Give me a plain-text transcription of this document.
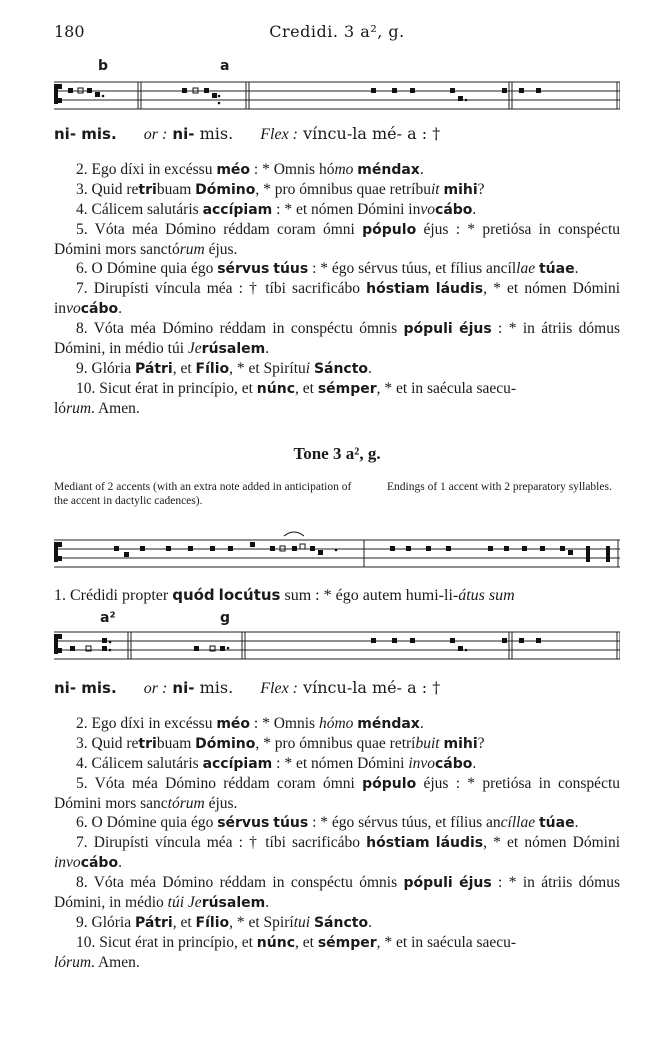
180	Credidi. 3 a², g.
b	a
ni- mis. or : ni- mis. Flex : víncu-la mé- a : †

2. Ego díxi in excéssu méo : * Omnis hómo méndax.

3. Quid retribuam Dómino, * pro ómnibus quae retríbuit mihi?

4. Cálicem salutáris accípiam : * et nómen Dómini invocábo.

5. Vóta méa Dómino réddam coram ómni pópulo éjus : * pretiósa in conspéctu Dómini mors sanctórum éjus.

6. O Dómine quia égo sérvus túus : * égo sérvus túus, et fílius ancíllae túae.

7. Dirupísti víncula méa : † tíbi sacrificábo hóstiam láudis, * et nómen Dómini invocábo.

8. Vóta méa Dómino réddam in conspéctu ómnis pópuli éjus : * in átriis dómus Dómini, in médio túi Jerúsalem.

9. Glória Pátri, et Fílio, * et Spirítui Sáncto.

10. Sicut érat in princípio, et núnc, et sémper, * et in saécula saecu-
lórum. Amen.

Tone 3 a², g.
Mediant of 2 accents (with an extra note added in anticipation of the accent in dactylic cadences).
Endings of 1 accent with 2 preparatory syllables.
1. Crédidi propter quód locútus sum : * égo autem humi-li-átus sum
a²	g
ni- mis. or : ni- mis. Flex : víncu-la mé- a : †

2. Ego díxi in excéssu méo : * Omnis hómo méndax.

3. Quid retribuam Dómino, * pro ómnibus quae retríbuit mihi?

4. Cálicem salutáris accípiam : * et nómen Dómini invocábo.

5. Vóta méa Dómino réddam coram ómni pópulo éjus : * pretiósa in conspéctu Dómini mors sanctórum éjus.

6. O Dómine quia égo sérvus túus : * égo sérvus túus, et fílius ancíllae túae.

7. Dirupísti víncula méa : † tíbi sacrificábo hóstiam láudis, * et nómen Dómini invocábo.

8. Vóta méa Dómino réddam in conspéctu ómnis pópuli éjus : * in átriis dómus Dómini, in médio túi Jerúsalem.

9. Glória Pátri, et Fílio, * et Spirítui Sáncto.

10. Sicut érat in princípio, et núnc, et sémper, * et in saécula saecu-
lórum. Amen.
